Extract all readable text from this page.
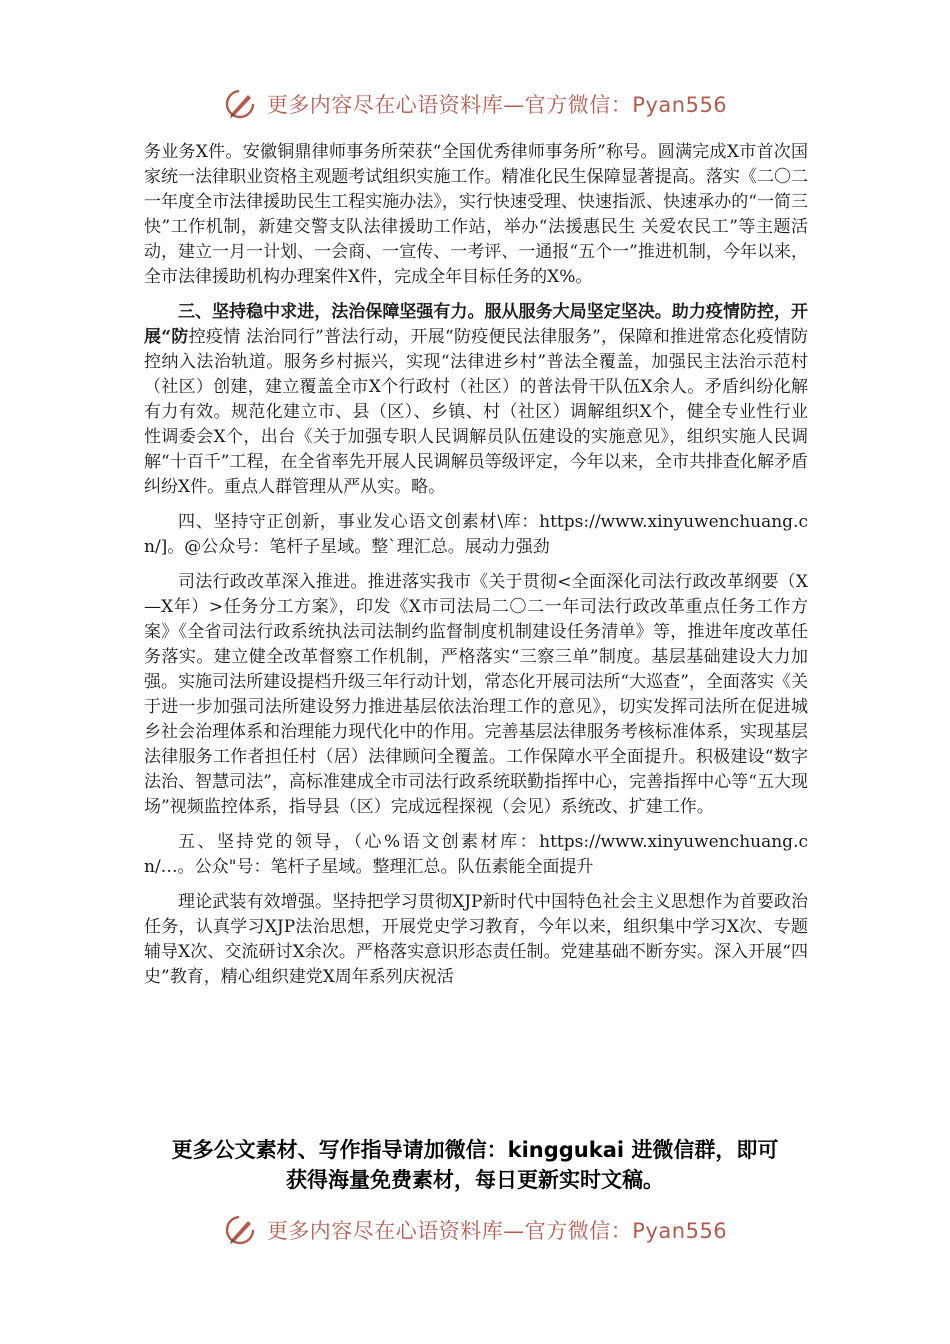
更多内容尽在心语资料库—官方微信：Pyan556

务业务X件。安徽铜鼎律师事务所荣获“全国优秀律师事务所”称号。圆满完成X市首次国家统一法律职业资格主观题考试组织实施工作。精准化民生保障显著提高。落实《二〇二一年度全市法律援助民生工程实施办法》，实行快速受理、快速指派、快速承办的“一简三快”工作机制，新建交警支队法律援助工作站，举办“法援惠民生 关爱农民工”等主题活动，建立一月一计划、一会商、一宣传、一考评、一通报“五个一”推进机制，今年以来，全市法律援助机构办理案件X件，完成全年目标任务的X%。

三、坚持稳中求进，法治保障坚强有力。服从服务大局坚定坚决。助力疫情防控，开展“防控疫情 法治同行”普法行动，开展“防疫便民法律服务”，保障和推进常态化疫情防控纳入法治轨道。服务乡村振兴，实现“法律进乡村”普法全覆盖，加强民主法治示范村（社区）创建，建立覆盖全市X个行政村（社区）的普法骨干队伍X余人。矛盾纠纷化解有力有效。规范化建立市、县（区）、乡镇、村（社区）调解组织X个，健全专业性行业性调委会X个，出台《关于加强专职人民调解员队伍建设的实施意见》，组织实施人民调解“十百千”工程，在全省率先开展人民调解员等级评定，今年以来，全市共排查化解矛盾纠纷X件。重点人群管理从严从实。略。

四、坚持守正创新，事业发心语文创素材\库：https://www.xinyuwenchuang.cn/]。@公众号：笔杆子星域。整`理汇总。展动力强劲

司法行政改革深入推进。推进落实我市《关于贯彻<全面深化司法行政改革纲要（X—X年）>任务分工方案》，印发《X市司法局二〇二一年司法行政改革重点任务工作方案》《全省司法行政系统执法司法制约监督制度机制建设任务清单》等，推进年度改革任务落实。建立健全改革督察工作机制，严格落实“三察三单”制度。基层基础建设大力加强。实施司法所建设提档升级三年行动计划，常态化开展司法所“大巡查”，全面落实《关于进一步加强司法所建设努力推进基层依法治理工作的意见》，切实发挥司法所在促进城乡社会治理体系和治理能力现代化中的作用。完善基层法律服务考核标准体系，实现基层法律服务工作者担任村（居）法律顾问全覆盖。工作保障水平全面提升。积极建设“数字法治、智慧司法”，高标准建成全市司法行政系统联勤指挥中心，完善指挥中心等“五大现场”视频监控体系，指导县（区）完成远程探视（会见）系统改、扩建工作。

五、坚持党的领导，（心%语文创素材库：https://www.xinyuwenchuang.cn/…。公众"号：笔杆子星域。整理汇总。队伍素能全面提升

理论武装有效增强。坚持把学习贯彻XJP新时代中国特色社会主义思想作为首要政治任务，认真学习XJP法治思想，开展党史学习教育，今年以来，组织集中学习X次、专题辅导X次、交流研讨X余次。严格落实意识形态责任制。党建基础不断夯实。深入开展“四史”教育，精心组织建党X周年系列庆祝活

更多公文素材、写作指导请加微信：kinggukai 进微信群，即可
获得海量免费素材，每日更新实时文稿。
更多内容尽在心语资料库—官方微信：Pyan556
